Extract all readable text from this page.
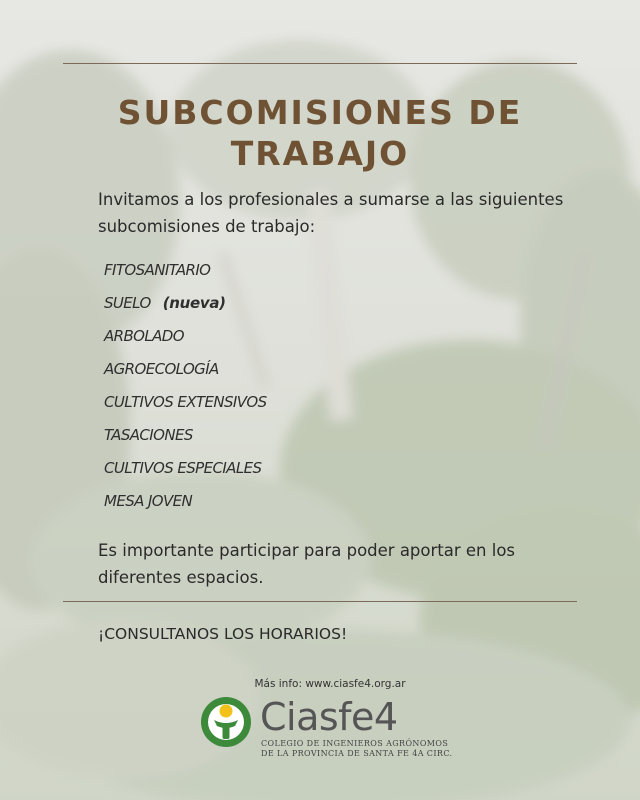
SUBCOMISIONES DE
TRABAJO

Invitamos a los profesionales a sumarse a las siguientes subcomisiones de trabajo:

FITOSANITARIO
SUELO (nueva)
ARBOLADO
AGROECOLOGÍA
CULTIVOS EXTENSIVOS
TASACIONES
CULTIVOS ESPECIALES
MESA JOVEN

Es importante participar para poder aportar en los diferentes espacios.

¡CONSULTANOS LOS HORARIOS!

Más info: www.ciasfe4.org.ar
Ciasfe4
COLEGIO DE INGENIEROS AGRÓNOMOS
DE LA PROVINCIA DE SANTA FE 4A CIRC.
